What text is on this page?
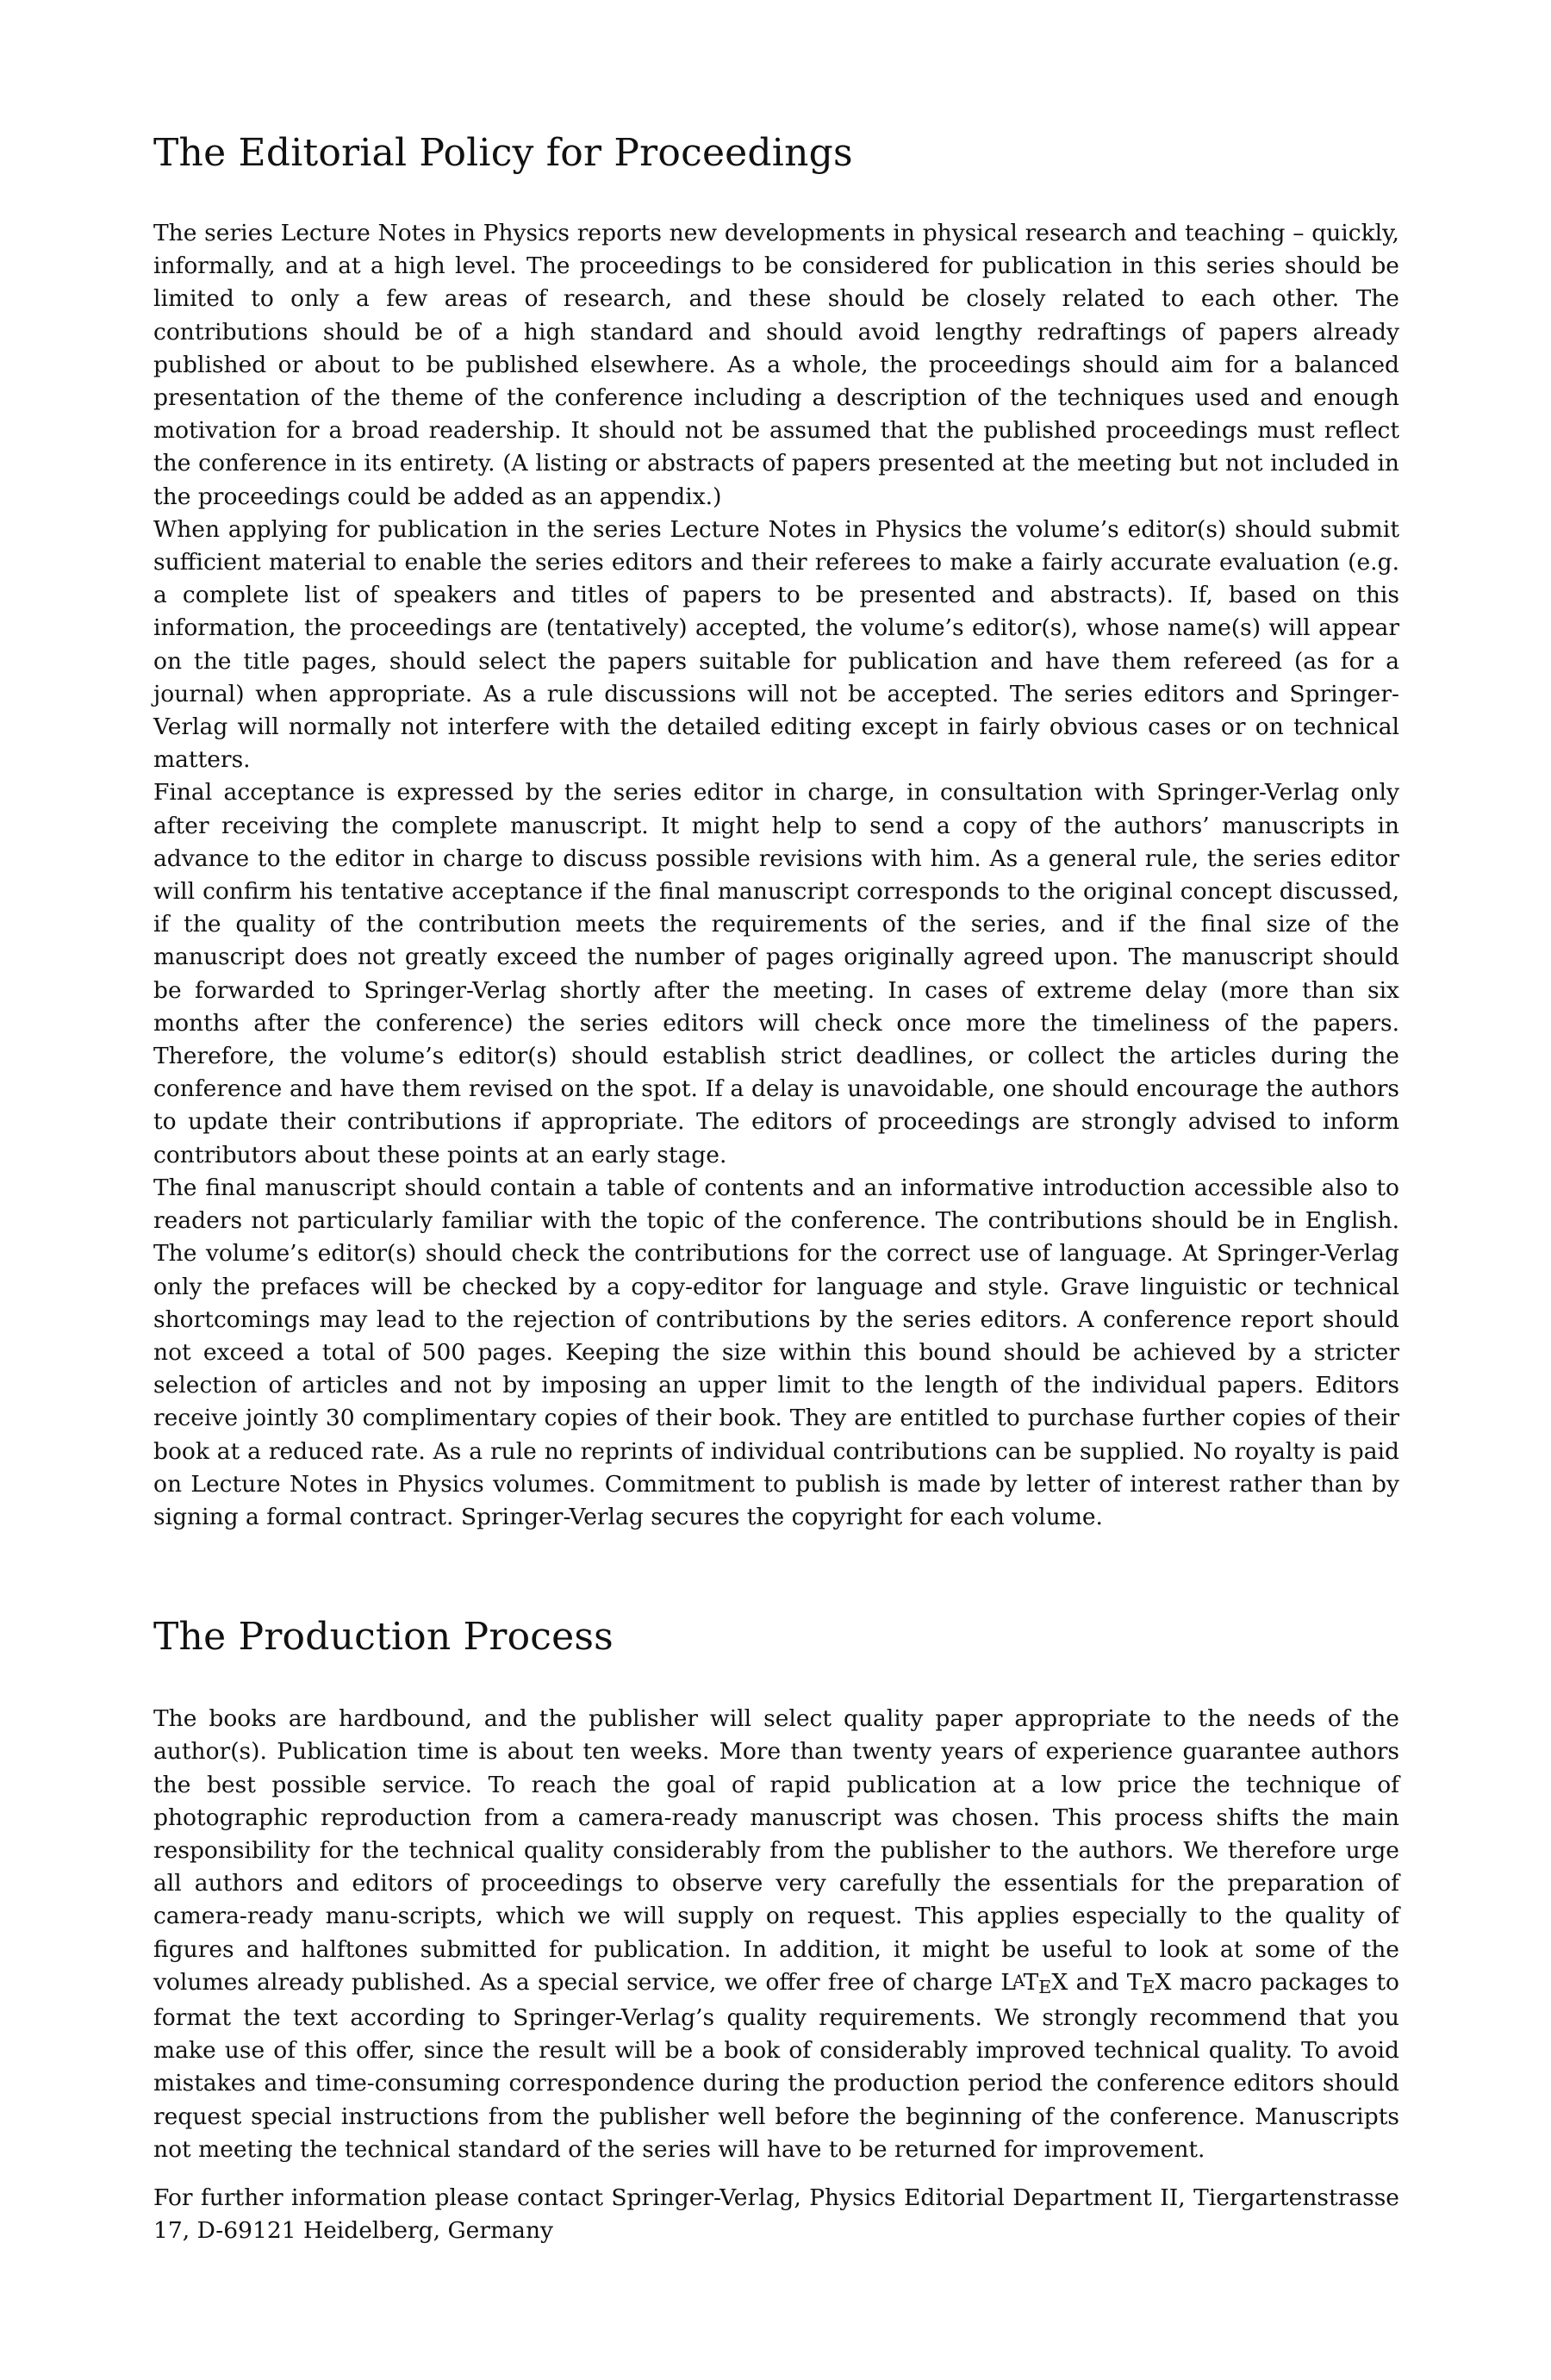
The Editorial Policy for Proceedings

The series Lecture Notes in Physics reports new developments in physical research and teaching – quickly, informally, and at a high level. The proceedings to be considered for publication in this series should be limited to only a few areas of research, and these should be closely related to each other. The contributions should be of a high standard and should avoid lengthy redraftings of papers already published or about to be published elsewhere. As a whole, the proceedings should aim for a balanced presentation of the theme of the conference including a description of the techniques used and enough motivation for a broad readership. It should not be assumed that the published proceedings must reflect the conference in its entirety. (A listing or abstracts of papers presented at the meeting but not included in the proceedings could be added as an appendix.)

When applying for publication in the series Lecture Notes in Physics the volume’s editor(s) should submit sufficient material to enable the series editors and their referees to make a fairly accurate evaluation (e.g. a complete list of speakers and titles of papers to be presented and abstracts). If, based on this information, the proceedings are (tentatively) accepted, the volume’s editor(s), whose name(s) will appear on the title pages, should select the papers suitable for publication and have them refereed (as for a journal) when appropriate. As a rule discussions will not be accepted. The series editors and Springer-Verlag will normally not interfere with the detailed editing except in fairly obvious cases or on technical matters.

Final acceptance is expressed by the series editor in charge, in consultation with Springer-Verlag only after receiving the complete manuscript. It might help to send a copy of the authors’ manuscripts in advance to the editor in charge to discuss possible revisions with him. As a general rule, the series editor will confirm his tentative acceptance if the final manuscript corresponds to the original concept discussed, if the quality of the contribution meets the requirements of the series, and if the final size of the manuscript does not greatly exceed the number of pages originally agreed upon. The manuscript should be forwarded to Springer-Verlag shortly after the meeting. In cases of extreme delay (more than six months after the conference) the series editors will check once more the timeliness of the papers. Therefore, the volume’s editor(s) should establish strict deadlines, or collect the articles during the conference and have them revised on the spot. If a delay is unavoidable, one should encourage the authors to update their contributions if appropriate. The editors of proceedings are strongly advised to inform contributors about these points at an early stage.

The final manuscript should contain a table of contents and an informative introduction accessible also to readers not particularly familiar with the topic of the conference. The contributions should be in English. The volume’s editor(s) should check the contributions for the correct use of language. At Springer-Verlag only the prefaces will be checked by a copy-editor for language and style. Grave linguistic or technical shortcomings may lead to the rejection of contributions by the series editors. A conference report should not exceed a total of 500 pages. Keeping the size within this bound should be achieved by a stricter selection of articles and not by imposing an upper limit to the length of the individual papers. Editors receive jointly 30 complimentary copies of their book. They are entitled to purchase further copies of their book at a reduced rate. As a rule no reprints of individual contributions can be supplied. No royalty is paid on Lecture Notes in Physics volumes. Commitment to publish is made by letter of interest rather than by signing a formal contract. Springer-Verlag secures the copyright for each volume.

The Production Process

The books are hardbound, and the publisher will select quality paper appropriate to the needs of the author(s). Publication time is about ten weeks. More than twenty years of experience guarantee authors the best possible service. To reach the goal of rapid publication at a low price the technique of photographic reproduction from a camera-ready manuscript was chosen. This process shifts the main responsibility for the technical quality considerably from the publisher to the authors. We therefore urge all authors and editors of proceedings to observe very carefully the essentials for the preparation of camera-ready manu-scripts, which we will supply on request. This applies especially to the quality of figures and halftones submitted for publication. In addition, it might be useful to look at some of the volumes already published. As a special service, we offer free of charge LATEX and TEX macro packages to format the text according to Springer-Verlag’s quality requirements. We strongly recommend that you make use of this offer, since the result will be a book of considerably improved technical quality. To avoid mistakes and time-consuming correspondence during the production period the conference editors should request special instructions from the publisher well before the beginning of the conference. Manuscripts not meeting the technical standard of the series will have to be returned for improvement.

For further information please contact Springer-Verlag, Physics Editorial Department II, Tiergartenstrasse 17, D-69121 Heidelberg, Germany
